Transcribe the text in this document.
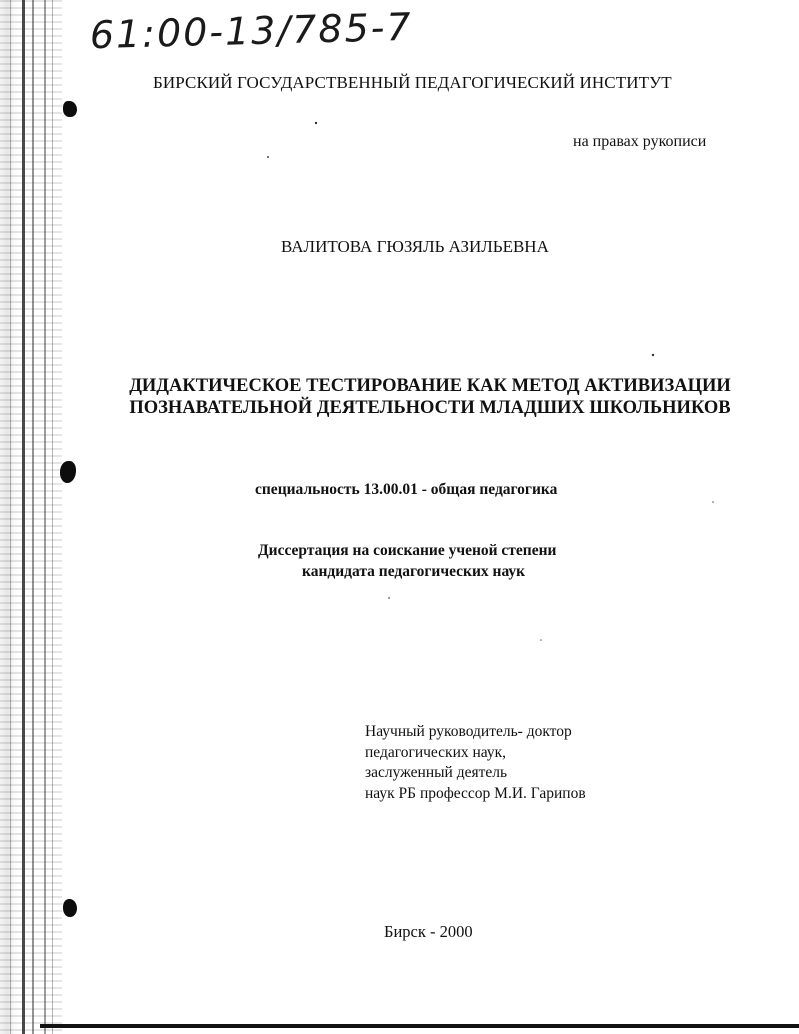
61:00-13/785-7
БИРСКИЙ ГОСУДАРСТВЕННЫЙ ПЕДАГОГИЧЕСКИЙ ИНСТИТУТ
на правах рукописи
ВАЛИТОВА ГЮЗЯЛЬ АЗИЛЬЕВНА
ДИДАКТИЧЕСКОЕ ТЕСТИРОВАНИЕ КАК МЕТОД АКТИВИЗАЦИИ
ПОЗНАВАТЕЛЬНОЙ ДЕЯТЕЛЬНОСТИ МЛАДШИХ ШКОЛЬНИКОВ
специальность 13.00.01 - общая педагогика
Диссертация на соискание ученой степени
кандидата педагогических наук
Научный руководитель- доктор
педагогических наук,
заслуженный деятель
наук РБ профессор М.И. Гарипов
Бирск - 2000
